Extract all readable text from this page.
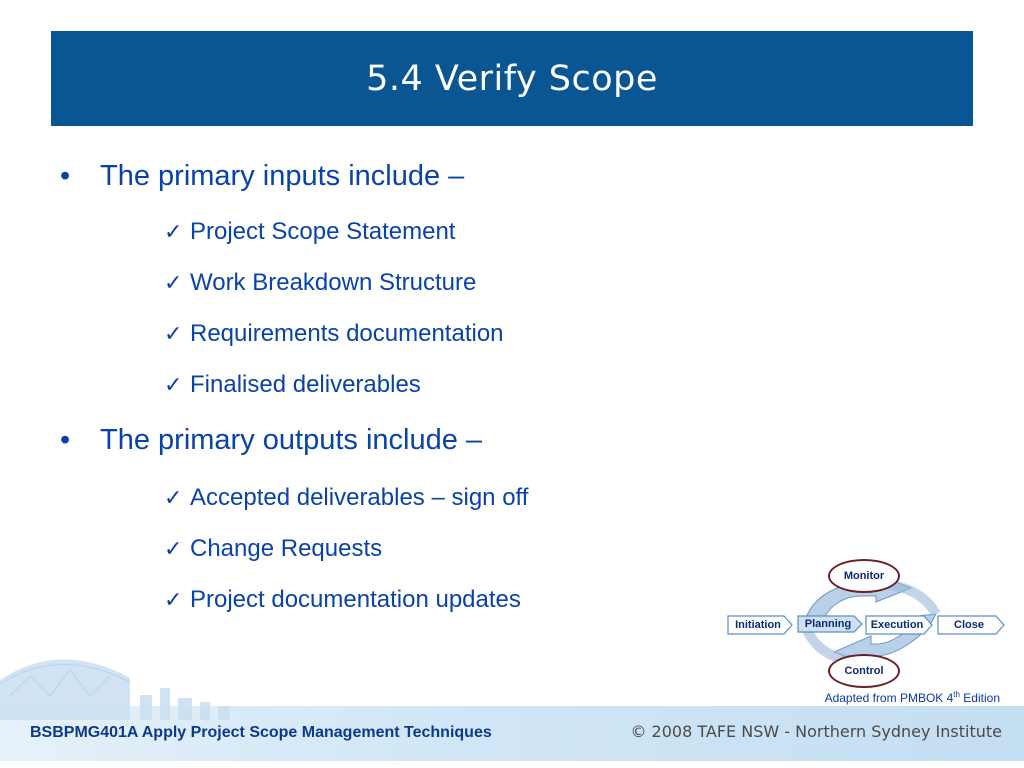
5.4 Verify Scope
•	The primary inputs include –
✓ Project Scope Statement
✓ Work Breakdown Structure
✓ Requirements documentation
✓ Finalised deliverables
•	The primary outputs include –
✓ Accepted deliverables – sign off
✓ Change Requests
✓ Project documentation updates
Monitor
Control
Initiation	Planning	Execution	Close
Adapted from PMBOK 4th Edition
BSBPMG401A Apply Project Scope Management Techniques	© 2008 TAFE NSW - Northern Sydney Institute
